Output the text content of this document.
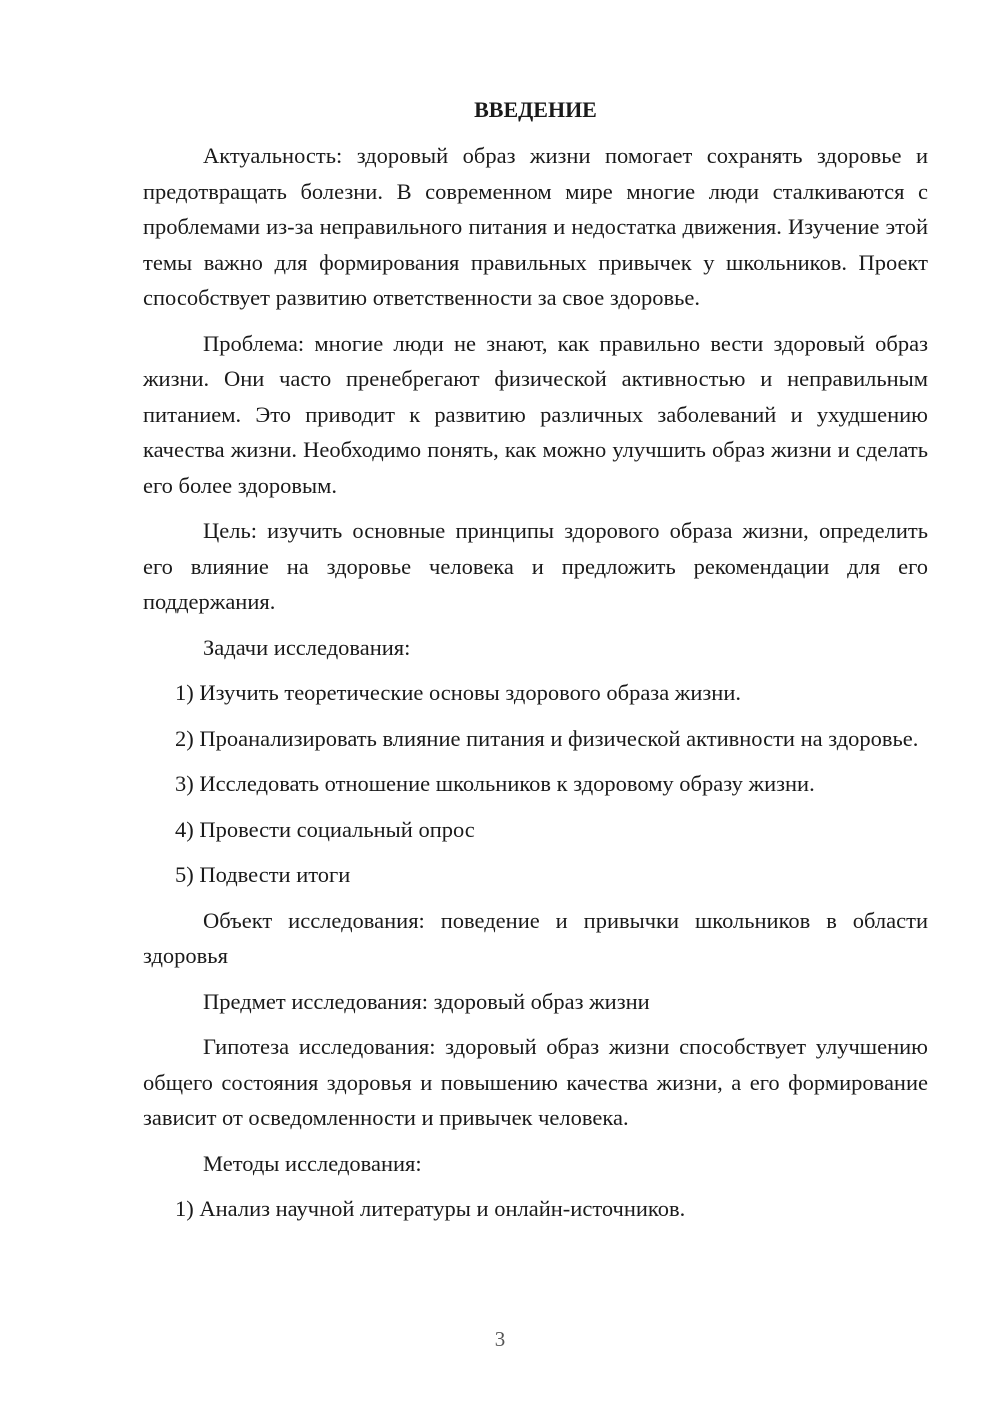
ВВЕДЕНИЕ

Актуальность: здоровый образ жизни помогает сохранять здоровье и предотвращать болезни. В современном мире многие люди сталкиваются с проблемами из-за неправильного питания и недостатка движения. Изучение этой темы важно для формирования правильных привычек у школьников. Проект способствует развитию ответственности за свое здоровье.

Проблема: многие люди не знают, как правильно вести здоровый образ жизни. Они часто пренебрегают физической активностью и неправильным питанием. Это приводит к развитию различных заболеваний и ухудшению качества жизни. Необходимо понять, как можно улучшить образ жизни и сделать его более здоровым.

Цель: изучить основные принципы здорового образа жизни, определить его влияние на здоровье человека и предложить рекомендации для его поддержания.

Задачи исследования:

1) Изучить теоретические основы здорового образа жизни.

2) Проанализировать влияние питания и физической активности на здоровье.

3) Исследовать отношение школьников к здоровому образу жизни.

4) Провести социальный опрос

5) Подвести итоги

Объект исследования: поведение и привычки школьников в области здоровья

Предмет исследования: здоровый образ жизни

Гипотеза исследования: здоровый образ жизни способствует улучшению общего состояния здоровья и повышению качества жизни, а его формирование зависит от осведомленности и привычек человека.

Методы исследования:

1) Анализ научной литературы и онлайн-источников.

3
